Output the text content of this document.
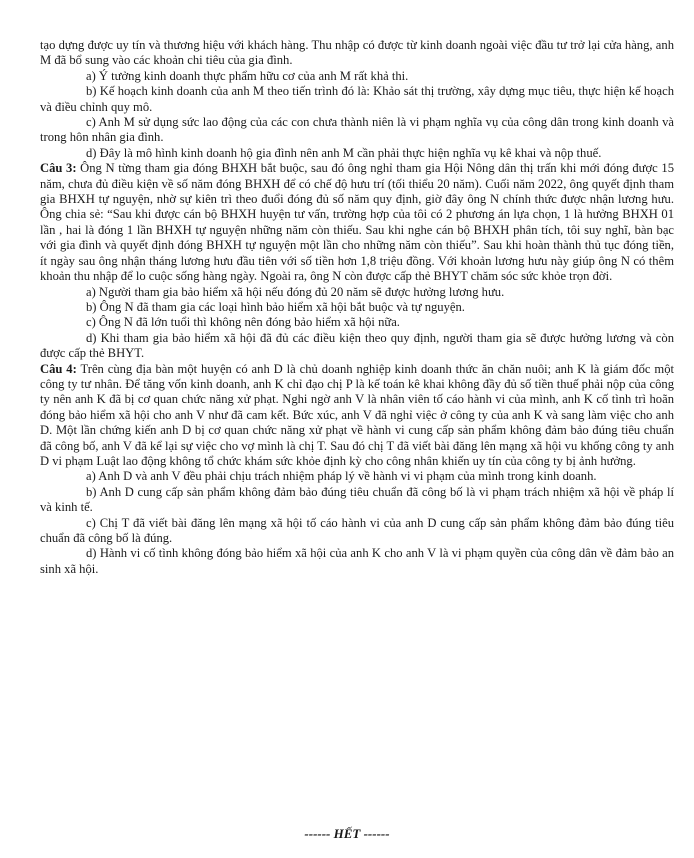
tạo dựng được uy tín và thương hiệu với khách hàng. Thu nhập có được từ kinh doanh ngoài việc đầu tư trở lại cửa hàng, anh M đã bổ sung vào các khoản chi tiêu của gia đình.

a) Ý tưởng kinh doanh thực phẩm hữu cơ của anh M rất khả thi.

b) Kế hoạch kinh doanh của anh M theo tiến trình đó là: Khảo sát thị trường, xây dựng mục tiêu, thực hiện kế hoạch và điều chỉnh quy mô.

c) Anh M sử dụng sức lao động của các con chưa thành niên là vi phạm nghĩa vụ của công dân trong kinh doanh và trong hôn nhân gia đình.

d) Đây là mô hình kinh doanh hộ gia đình nên anh M cần phải thực hiện nghĩa vụ kê khai và nộp thuế.

Câu 3: Ông N từng tham gia đóng BHXH bắt buộc, sau đó ông nghỉ tham gia Hội Nông dân thị trấn khi mới đóng được 15 năm, chưa đủ điều kiện về số năm đóng BHXH để có chế độ hưu trí (tối thiểu 20 năm). Cuối năm 2022, ông quyết định tham gia BHXH tự nguyện, nhờ sự kiên trì theo đuổi đóng đủ số năm quy định, giờ đây ông N chính thức được nhận lương hưu. Ông chia sẻ: “Sau khi được cán bộ BHXH huyện tư vấn, trường hợp của tôi có 2 phương án lựa chọn, 1 là hưởng BHXH 01 lần , hai là đóng 1 lần BHXH tự nguyện những năm còn thiếu. Sau khi nghe cán bộ BHXH phân tích, tôi suy nghĩ, bàn bạc với gia đình và quyết định đóng BHXH tự nguyện một lần cho những năm còn thiếu”. Sau khi hoàn thành thủ tục đóng tiền, ít ngày sau ông nhận tháng lương hưu đầu tiên với số tiền hơn 1,8 triệu đồng. Với khoản lương hưu này giúp ông N có thêm khoản thu nhập để lo cuộc sống hàng ngày. Ngoài ra, ông N còn được cấp thẻ BHYT chăm sóc sức khỏe trọn đời.

a) Người tham gia bảo hiểm xã hội nếu đóng đủ 20 năm sẽ được hưởng lương hưu.

b) Ông N đã tham gia các loại hình bảo hiểm xã hội bắt buộc và tự nguyện.

c) Ông N đã lớn tuổi thì không nên đóng bảo hiểm xã hội nữa.

d) Khi tham gia bảo hiểm xã hội đã đủ các điều kiện theo quy định, người tham gia sẽ được hưởng lương và còn được cấp thẻ BHYT.

Câu 4: Trên cùng địa bàn một huyện có anh D là chủ doanh nghiệp kinh doanh thức ăn chăn nuôi; anh K là giám đốc một công ty tư nhân. Để tăng vốn kinh doanh, anh K chỉ đạo chị P là kế toán kê khai không đầy đủ số tiền thuế phải nộp của công ty nên anh K đã bị cơ quan chức năng xử phạt. Nghi ngờ anh V là nhân viên tố cáo hành vi của mình, anh K cố tình trì hoãn đóng bảo hiểm xã hội cho anh V như đã cam kết. Bức xúc, anh V đã nghỉ việc ở công ty của anh K và sang làm việc cho anh D. Một lần chứng kiến anh D bị cơ quan chức năng xử phạt về hành vi cung cấp sản phẩm không đảm bảo đúng tiêu chuẩn đã công bố, anh V đã kể lại sự việc cho vợ mình là chị T. Sau đó chị T đã viết bài đăng lên mạng xã hội vu khống công ty anh D vi phạm Luật lao động không tổ chức khám sức khỏe định kỳ cho công nhân khiến uy tín của công ty bị ảnh hưởng.

a) Anh D và anh V đều phải chịu trách nhiệm pháp lý về hành vi vi phạm của mình trong kinh doanh.

b) Anh D cung cấp sản phẩm không đảm bảo đúng tiêu chuẩn đã công bố là vi phạm trách nhiệm xã hội về pháp lí và kinh tế.

c) Chị T đã viết bài đăng lên mạng xã hội tố cáo hành vi của anh D cung cấp sản phẩm không đảm bảo đúng tiêu chuẩn đã công bố là đúng.

d) Hành vi cố tình không đóng bảo hiểm xã hội của anh K cho anh V là vi phạm quyền của công dân về đảm bảo an sinh xã hội.

------ HẾT ------
